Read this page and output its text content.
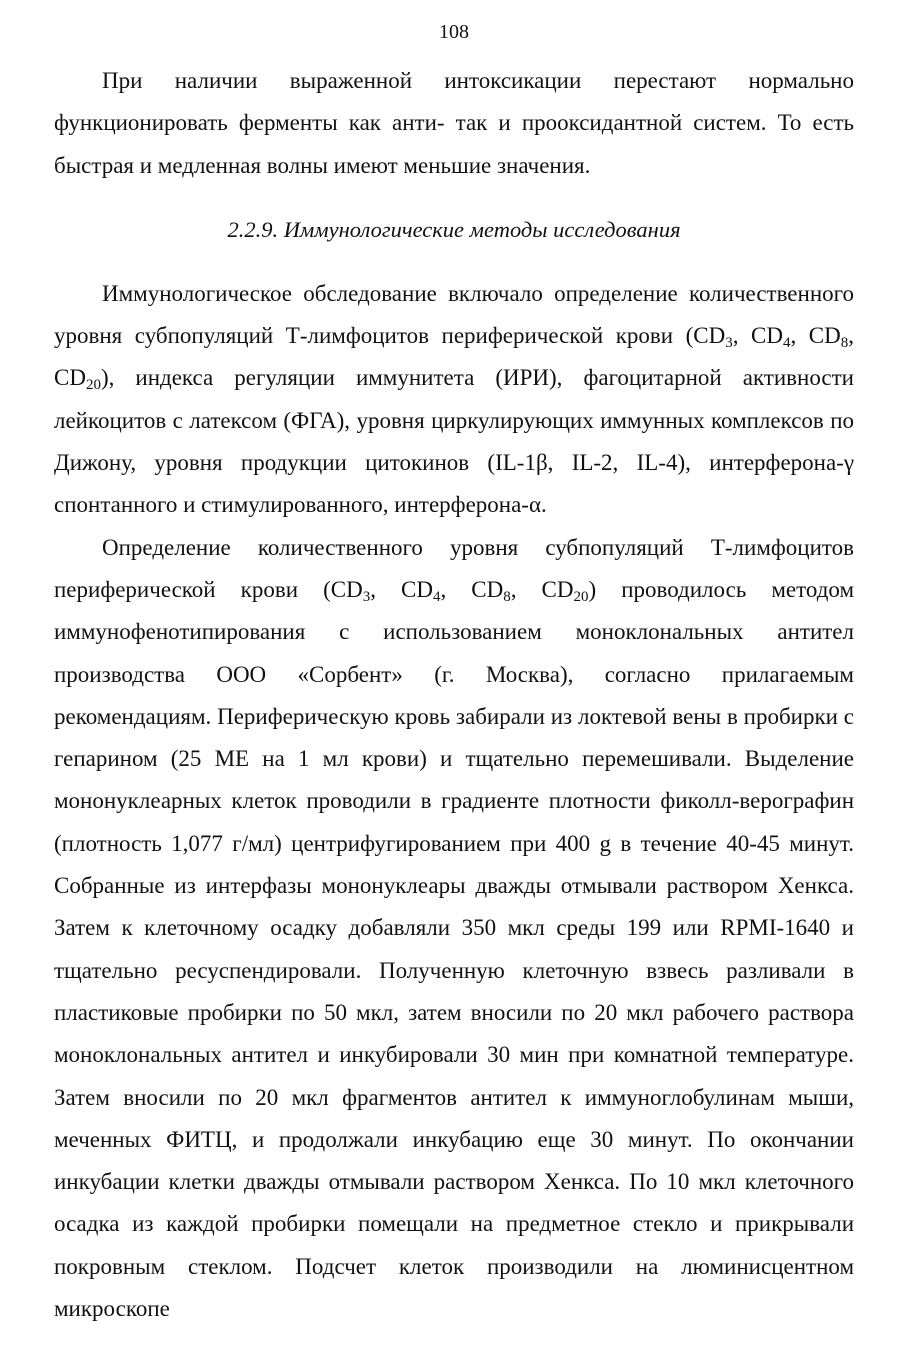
108

При наличии выраженной интоксикации перестают нормально функционировать ферменты как анти- так и прооксидантной систем. То есть быстрая и медленная волны имеют меньшие значения.

2.2.9. Иммунологические методы исследования

Иммунологическое обследование включало определение количественного уровня субпопуляций Т-лимфоцитов периферической крови ($CD_3$, $CD_4$, $CD_8$, $CD_{20}$), индекса регуляции иммунитета (ИРИ), фагоцитарной активности лейкоцитов с латексом (ФГА), уровня циркулирующих иммунных комплексов по Дижону, уровня продукции цитокинов (IL-1β, IL-2, IL-4), интерферона-γ спонтанного и стимулированного, интерферона-α.

Определение количественного уровня субпопуляций Т-лимфоцитов периферической крови ($CD_3$, $CD_4$, $CD_8$, $CD_{20}$) проводилось методом иммунофенотипирования с использованием моноклональных антител производства ООО «Сорбент» (г. Москва), согласно прилагаемым рекомендациям. Периферическую кровь забирали из локтевой вены в пробирки с гепарином (25 МЕ на 1 мл крови) и тщательно перемешивали. Выделение мононуклеарных клеток проводили в градиенте плотности фиколл-верографин (плотность 1,077 г/мл) центрифугированием при 400 g в течение 40-45 минут. Собранные из интерфазы мононуклеары дважды отмывали раствором Хенкса. Затем к клеточному осадку добавляли 350 мкл среды 199 или RPMI-1640 и тщательно ресуспендировали. Полученную клеточную взвесь разливали в пластиковые пробирки по 50 мкл, затем вносили по 20 мкл рабочего раствора моноклональных антител и инкубировали 30 мин при комнатной температуре. Затем вносили по 20 мкл фрагментов антител к иммуноглобулинам мыши, меченных ФИТЦ, и продолжали инкубацию еще 30 минут. По окончании инкубации клетки дважды отмывали раствором Хенкса. По 10 мкл клеточного осадка из каждой пробирки помещали на предметное стекло и прикрывали покровным стеклом. Подсчет клеток производили на люминисцентном микроскопе
